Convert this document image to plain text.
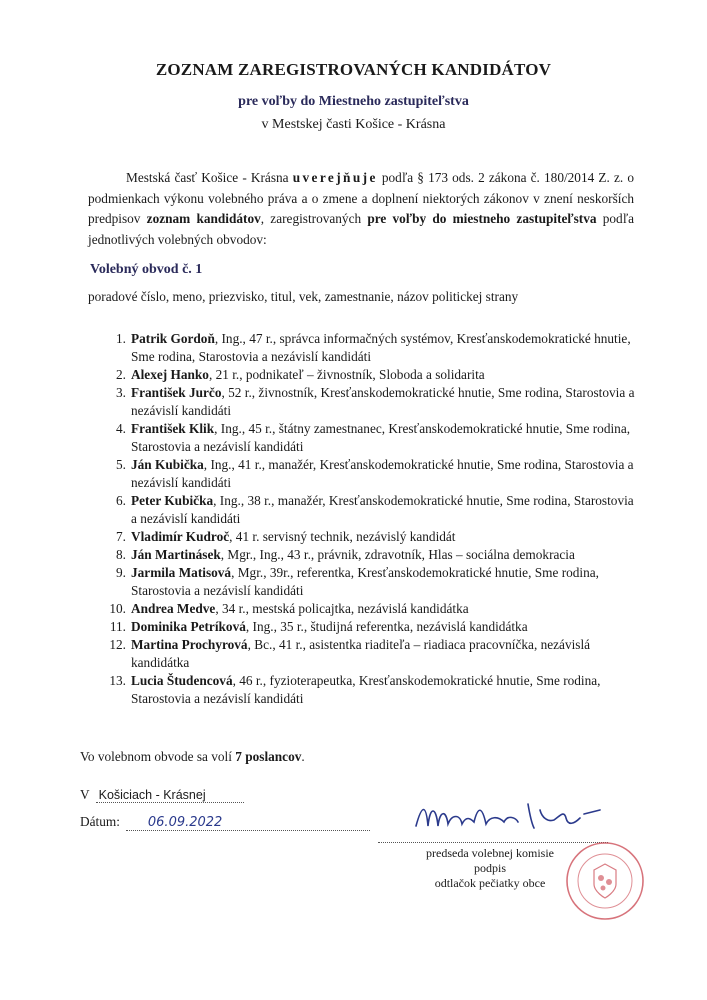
ZOZNAM ZAREGISTROVANÝCH KANDIDÁTOV
pre voľby do Miestneho zastupiteľstva
v Mestskej časti Košice - Krásna
Mestská časť Košice - Krásna uverejňuje podľa § 173 ods. 2 zákona č. 180/2014 Z. z. o podmienkach výkonu volebného práva a o zmene a doplnení niektorých zákonov v znení neskorších predpisov zoznam kandidátov, zaregistrovaných pre voľby do miestneho zastupiteľstva podľa jednotlivých volebných obvodov:
Volebný obvod č. 1
poradové číslo, meno, priezvisko, titul, vek, zamestnanie, názov politickej strany
1. Patrik Gordoň, Ing., 47 r., správca informačných systémov, Kresťanskodemokratické hnutie, Sme rodina, Starostovia a nezávislí kandidáti
2. Alexej Hanko, 21 r., podnikateľ – živnostník, Sloboda a solidarita
3. František Jurčo, 52 r., živnostník, Kresťanskodemokratické hnutie, Sme rodina, Starostovia a nezávislí kandidáti
4. František Klik, Ing., 45 r., štátny zamestnanec, Kresťanskodemokratické hnutie, Sme rodina, Starostovia a nezávislí kandidáti
5. Ján Kubička, Ing., 41 r., manažér, Kresťanskodemokratické hnutie, Sme rodina, Starostovia a nezávislí kandidáti
6. Peter Kubička, Ing., 38 r., manažér, Kresťanskodemokratické hnutie, Sme rodina, Starostovia a nezávislí kandidáti
7. Vladimír Kudroč, 41 r. servisný technik, nezávislý kandidát
8. Ján Martinásek, Mgr., Ing., 43 r., právnik, zdravotník, Hlas – sociálna demokracia
9. Jarmila Matisová, Mgr., 39r., referentka, Kresťanskodemokratické hnutie, Sme rodina, Starostovia a nezávislí kandidáti
10. Andrea Medve, 34 r., mestská policajtka, nezávislá kandidátka
11. Dominika Petríková, Ing., 35 r., študijná referentka, nezávislá kandidátka
12. Martina Prochyrová, Bc., 41 r., asistentka riaditeľa – riadiaca pracovníčka, nezávislá kandidátka
13. Lucia Študencová, 46 r., fyzioterapeutka, Kresťanskodemokratické hnutie, Sme rodina, Starostovia a nezávislí kandidáti
Vo volebnom obvode sa volí 7 poslancov.
V Košiciach - Krásnej
Dátum: 06.09.2022
predseda volebnej komisie
podpis
odtlačok pečiatky obce
